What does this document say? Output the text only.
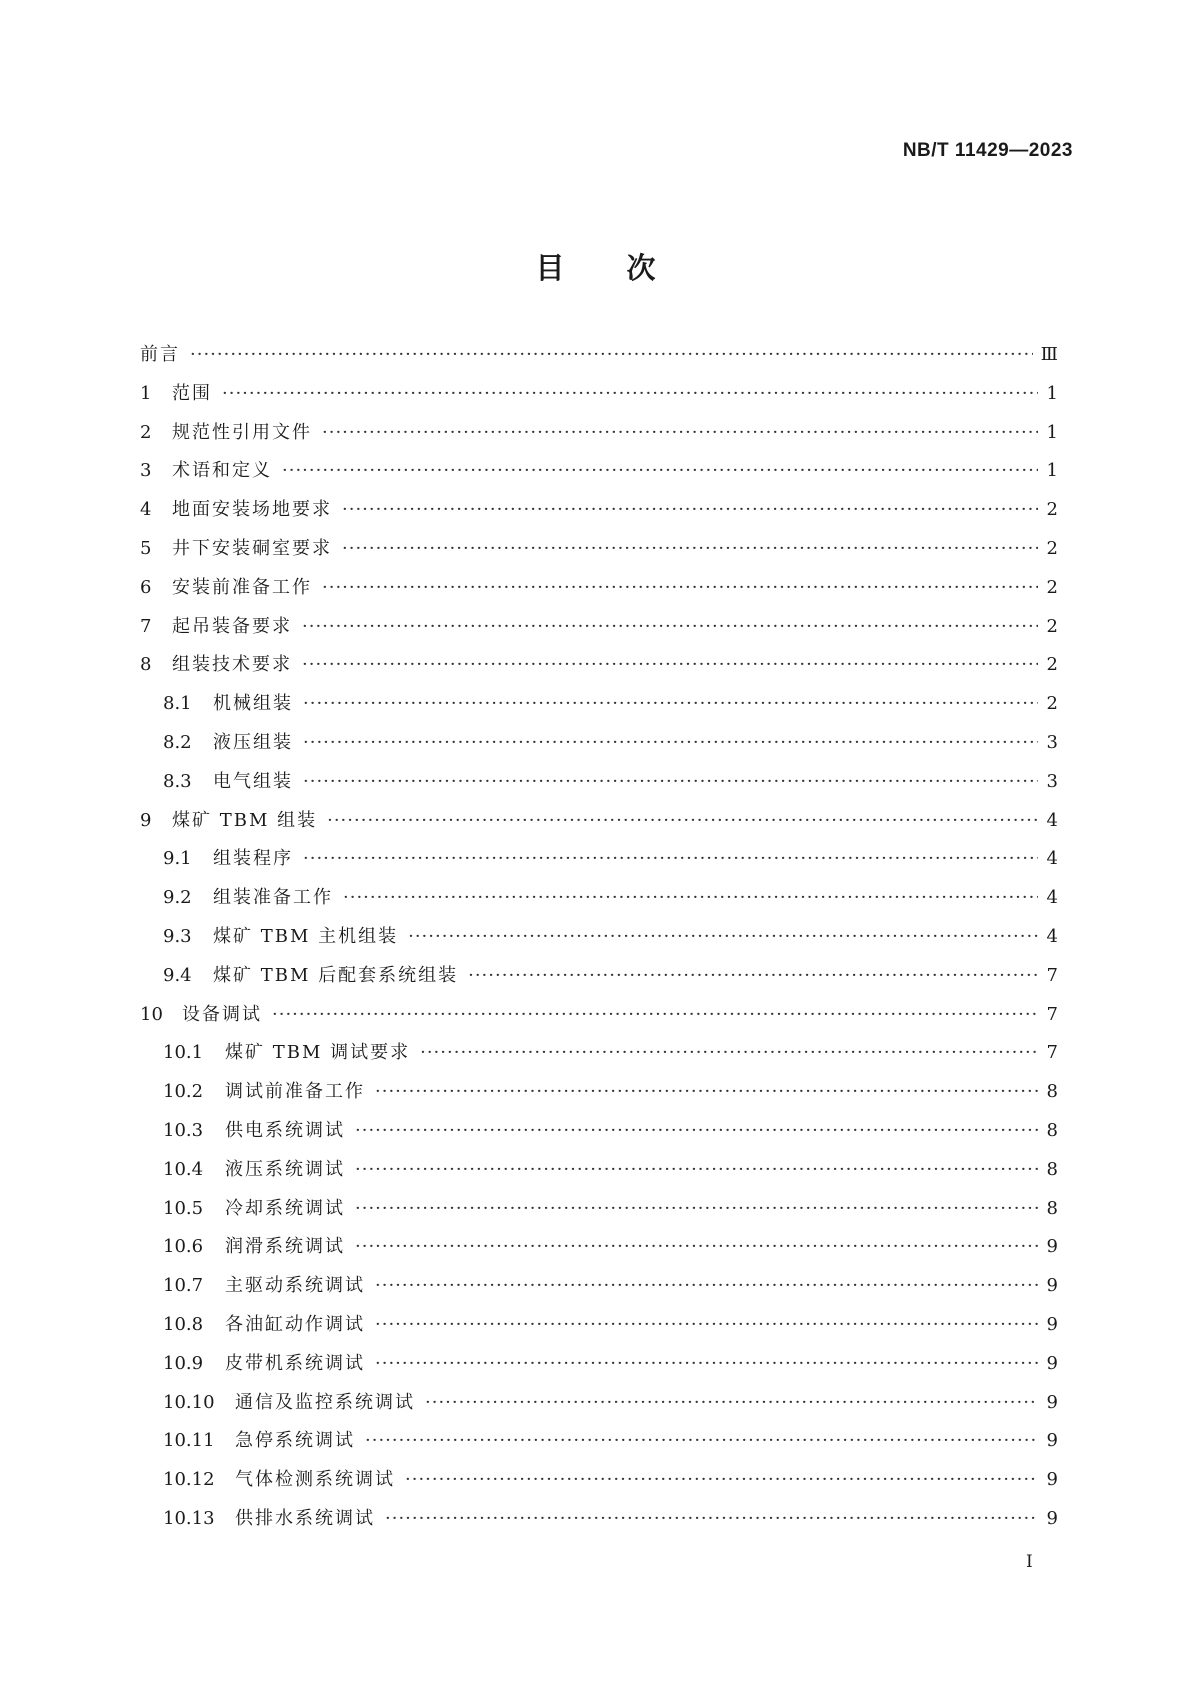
NB/T 11429—2023
目次
前言 ·····	Ⅲ
1	范围 ·····	1
2	规范性引用文件 ·····	1
3	术语和定义 ·····	1
4	地面安装场地要求 ·····	2
5	井下安装硐室要求 ·····	2
6	安装前准备工作 ·····	2
7	起吊装备要求 ·····	2
8	组装技术要求 ·····	2
8.1	机械组装 ·····	2
8.2	液压组装 ·····	3
8.3	电气组装 ·····	3
9	煤矿 TBM 组装 ·····	4
9.1	组装程序 ·····	4
9.2	组装准备工作 ·····	4
9.3	煤矿 TBM 主机组装 ·····	4
9.4	煤矿 TBM 后配套系统组装 ·····	7
10	设备调试 ·····	7
10.1	煤矿 TBM 调试要求 ·····	7
10.2	调试前准备工作 ·····	8
10.3	供电系统调试 ·····	8
10.4	液压系统调试 ·····	8
10.5	冷却系统调试 ·····	8
10.6	润滑系统调试 ·····	9
10.7	主驱动系统调试 ·····	9
10.8	各油缸动作调试 ·····	9
10.9	皮带机系统调试 ·····	9
10.10	通信及监控系统调试 ·····	9
10.11	急停系统调试 ·····	9
10.12	气体检测系统调试 ·····	9
10.13	供排水系统调试 ·····	9
I
